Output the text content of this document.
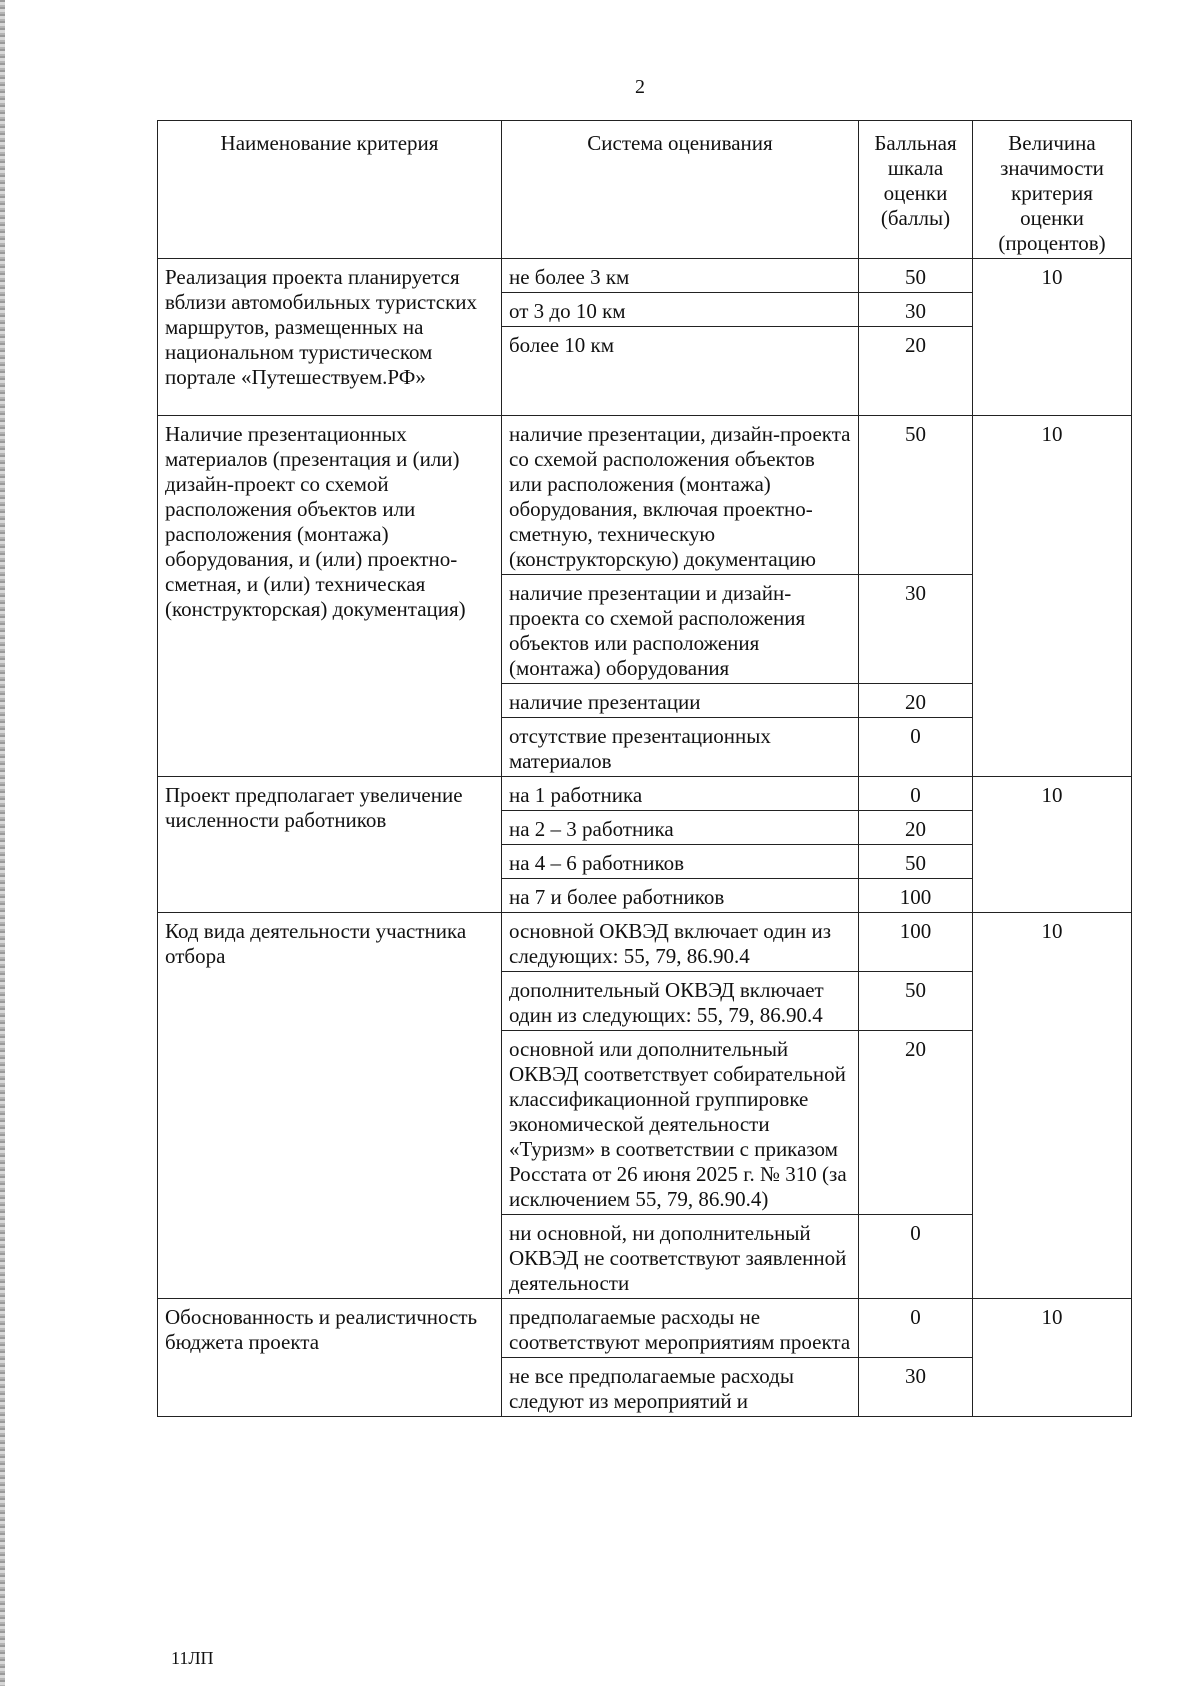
2
Наименование критерия	Система оценивания	Балльная шкала оценки (баллы)	Величина значимости критерия оценки (процентов)
Реализация проекта планируется вблизи автомобильных туристских маршрутов, размещенных на национальном туристическом портале «Путешествуем.РФ»	не более 3 км	50	10
	от 3 до 10 км	30	
	более 10 км	20	
Наличие презентационных материалов (презентация и (или) дизайн-проект со схемой расположения объектов или расположения (монтажа) оборудования, и (или) проектно-сметная, и (или) техническая (конструкторская) документация)	наличие презентации, дизайн-проекта со схемой расположения объектов или расположения (монтажа) оборудования, включая проектно-сметную, техническую (конструкторскую) документацию	50	10
	наличие презентации и дизайн-проекта со схемой расположения объектов или расположения (монтажа) оборудования	30	
	наличие презентации	20	
	отсутствие презентационных материалов	0	
Проект предполагает увеличение численности работников	на 1 работника	0	10
	на 2 – 3 работника	20	
	на 4 – 6 работников	50	
	на 7 и более работников	100	
Код вида деятельности участника отбора	основной ОКВЭД включает один из следующих: 55, 79, 86.90.4	100	10
	дополнительный ОКВЭД включает один из следующих: 55, 79, 86.90.4	50	
	основной или дополнительный ОКВЭД соответствует собирательной классификационной группировке экономической деятельности «Туризм» в соответствии с приказом Росстата от 26 июня 2025 г. № 310 (за исключением 55, 79, 86.90.4)	20	
	ни основной, ни дополнительный ОКВЭД не соответствуют заявленной деятельности	0	
Обоснованность и реалистичность бюджета проекта	предполагаемые расходы не соответствуют мероприятиям проекта	0	10
	не все предполагаемые расходы следуют из мероприятий и	30	
11ЛП
